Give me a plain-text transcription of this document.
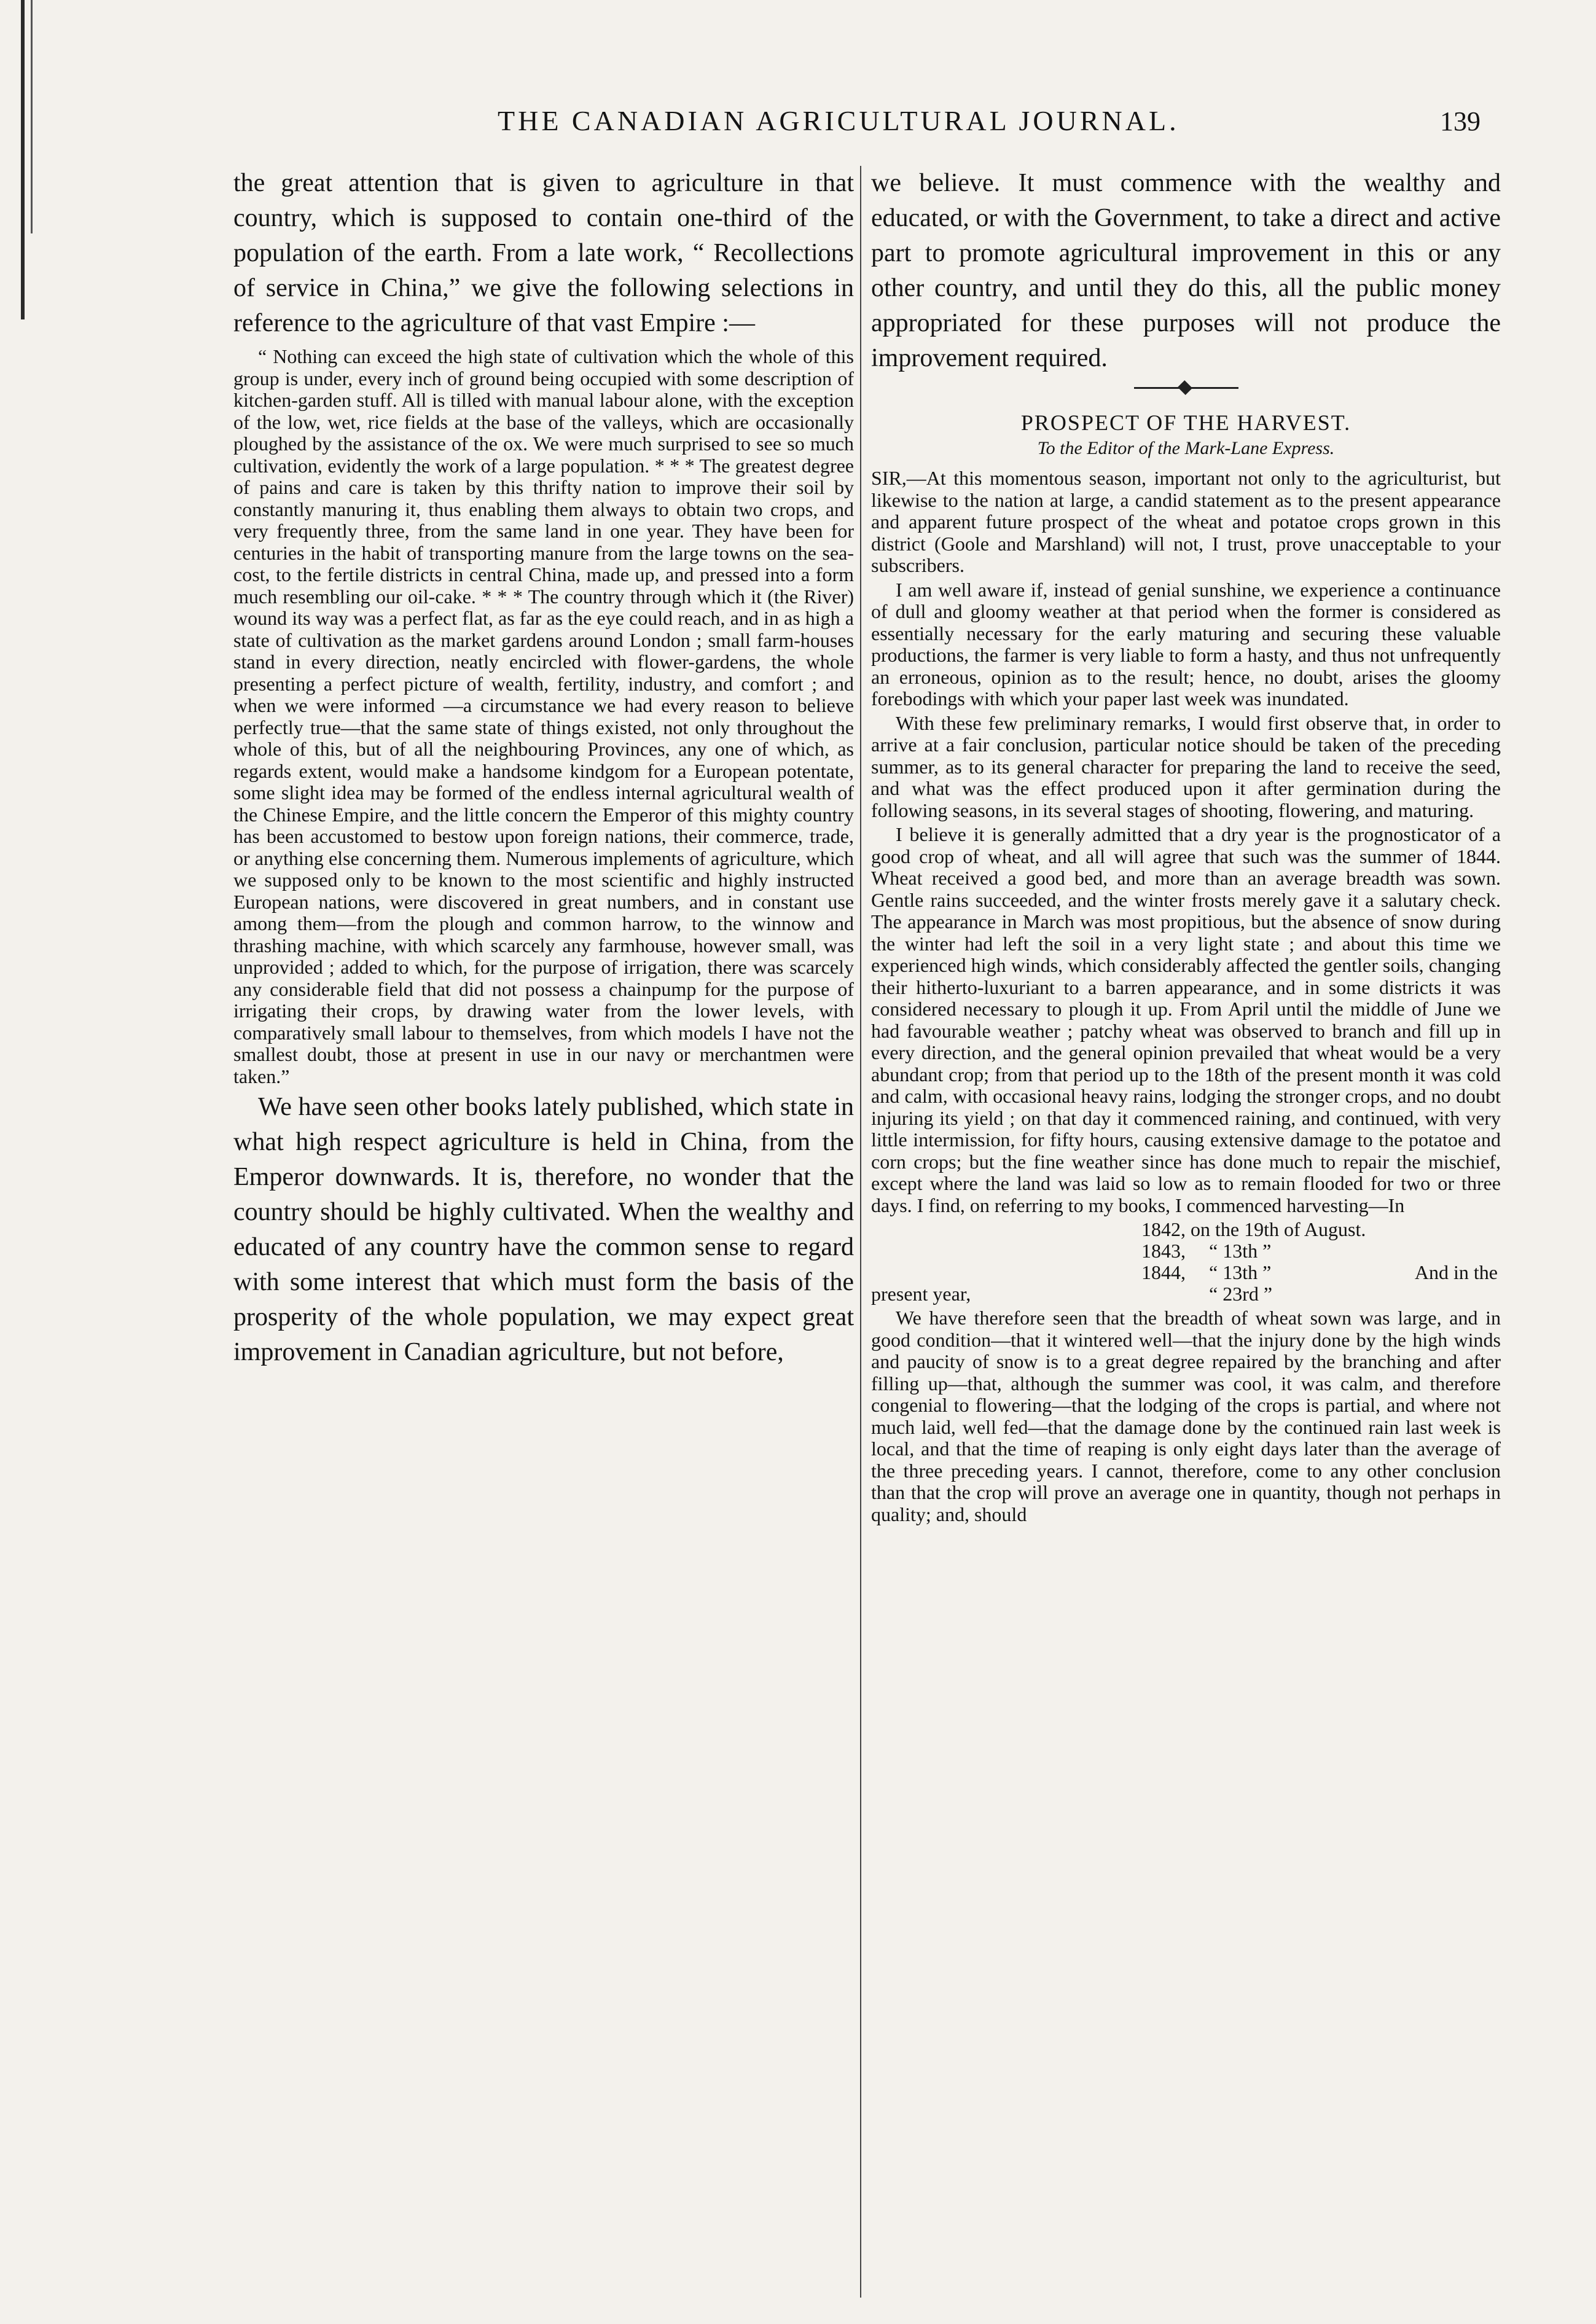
THE CANADIAN AGRICULTURAL JOURNAL.	139

the great attention that is given to agriculture in that country, which is supposed to contain one-third of the population of the earth. From a late work, “ Recollections of service in China,” we give the following selections in reference to the agriculture of that vast Empire :—

“ Nothing can exceed the high state of cultivation which the whole of this group is under, every inch of ground being occupied with some description of kitchen-garden stuff. All is tilled with manual labour alone, with the exception of the low, wet, rice fields at the base of the valleys, which are occasionally ploughed by the assistance of the ox. We were much surprised to see so much cultivation, evidently the work of a large population. * * * The greatest degree of pains and care is taken by this thrifty nation to improve their soil by constantly manuring it, thus enabling them always to obtain two crops, and very frequently three, from the same land in one year. They have been for centuries in the habit of transporting manure from the large towns on the sea-cost, to the fertile districts in central China, made up, and pressed into a form much resembling our oil-cake. * * * The country through which it (the River) wound its way was a perfect flat, as far as the eye could reach, and in as high a state of cultivation as the market gardens around London ; small farm-houses stand in every direction, neatly encircled with flower-gardens, the whole presenting a perfect picture of wealth, fertility, industry, and comfort ; and when we were informed —a circumstance we had every reason to believe perfectly true—that the same state of things existed, not only throughout the whole of this, but of all the neighbouring Provinces, any one of which, as regards extent, would make a handsome kindgom for a European potentate, some slight idea may be formed of the endless internal agricultural wealth of the Chinese Empire, and the little concern the Emperor of this mighty country has been accustomed to bestow upon foreign nations, their commerce, trade, or anything else concerning them. Numerous implements of agriculture, which we supposed only to be known to the most scientific and highly instructed European nations, were discovered in great numbers, and in constant use among them—from the plough and common harrow, to the winnow and thrashing machine, with which scarcely any farmhouse, however small, was unprovided ; added to which, for the purpose of irrigation, there was scarcely any considerable field that did not possess a chainpump for the purpose of irrigating their crops, by drawing water from the lower levels, with comparatively small labour to themselves, from which models I have not the smallest doubt, those at present in use in our navy or merchantmen were taken.”

We have seen other books lately published, which state in what high respect agriculture is held in China, from the Emperor downwards. It is, therefore, no wonder that the country should be highly cultivated. When the wealthy and educated of any country have the common sense to regard with some interest that which must form the basis of the prosperity of the whole population, we may expect great improvement in Canadian agriculture, but not before,

we believe. It must commence with the wealthy and educated, or with the Government, to take a direct and active part to promote agricultural improvement in this or any other country, and until they do this, all the public money appropriated for these purposes will not produce the improvement required.

PROSPECT OF THE HARVEST.
To the Editor of the Mark-Lane Express.

SIR,—At this momentous season, important not only to the agriculturist, but likewise to the nation at large, a candid statement as to the present appearance and apparent future prospect of the wheat and potatoe crops grown in this district (Goole and Marshland) will not, I trust, prove unacceptable to your subscribers.

I am well aware if, instead of genial sunshine, we experience a continuance of dull and gloomy weather at that period when the former is considered as essentially necessary for the early maturing and securing these valuable productions, the farmer is very liable to form a hasty, and thus not unfrequently an erroneous, opinion as to the result; hence, no doubt, arises the gloomy forebodings with which your paper last week was inundated.

With these few preliminary remarks, I would first observe that, in order to arrive at a fair conclusion, particular notice should be taken of the preceding summer, as to its general character for preparing the land to receive the seed, and what was the effect produced upon it after germination during the following seasons, in its several stages of shooting, flowering, and maturing.

I believe it is generally admitted that a dry year is the prognosticator of a good crop of wheat, and all will agree that such was the summer of 1844. Wheat received a good bed, and more than an average breadth was sown. Gentle rains succeeded, and the winter frosts merely gave it a salutary check. The appearance in March was most propitious, but the absence of snow during the winter had left the soil in a very light state ; and about this time we experienced high winds, which considerably affected the gentler soils, changing their hitherto-luxuriant to a barren appearance, and in some districts it was considered necessary to plough it up. From April until the middle of June we had favourable weather ; patchy wheat was observed to branch and fill up in every direction, and the general opinion prevailed that wheat would be a very abundant crop; from that period up to the 18th of the present month it was cold and calm, with occasional heavy rains, lodging the stronger crops, and no doubt injuring its yield ; on that day it commenced raining, and continued, with very little intermission, for fifty hours, causing extensive damage to the potatoe and corn crops; but the fine weather since has done much to repair the mischief, except where the land was laid so low as to remain flooded for two or three days. I find, on referring to my books, I commenced harvesting—In

1842, on the 19th of August.
1843,	“ 13th ”
1844,	“ 13th ”	And in the
present year,	“ 23rd ”

We have therefore seen that the breadth of wheat sown was large, and in good condition—that it wintered well—that the injury done by the high winds and paucity of snow is to a great degree repaired by the branching and after filling up—that, although the summer was cool, it was calm, and therefore congenial to flowering—that the lodging of the crops is partial, and where not much laid, well fed—that the damage done by the continued rain last week is local, and that the time of reaping is only eight days later than the average of the three preceding years. I cannot, therefore, come to any other conclusion than that the crop will prove an average one in quantity, though not perhaps in quality; and, should
